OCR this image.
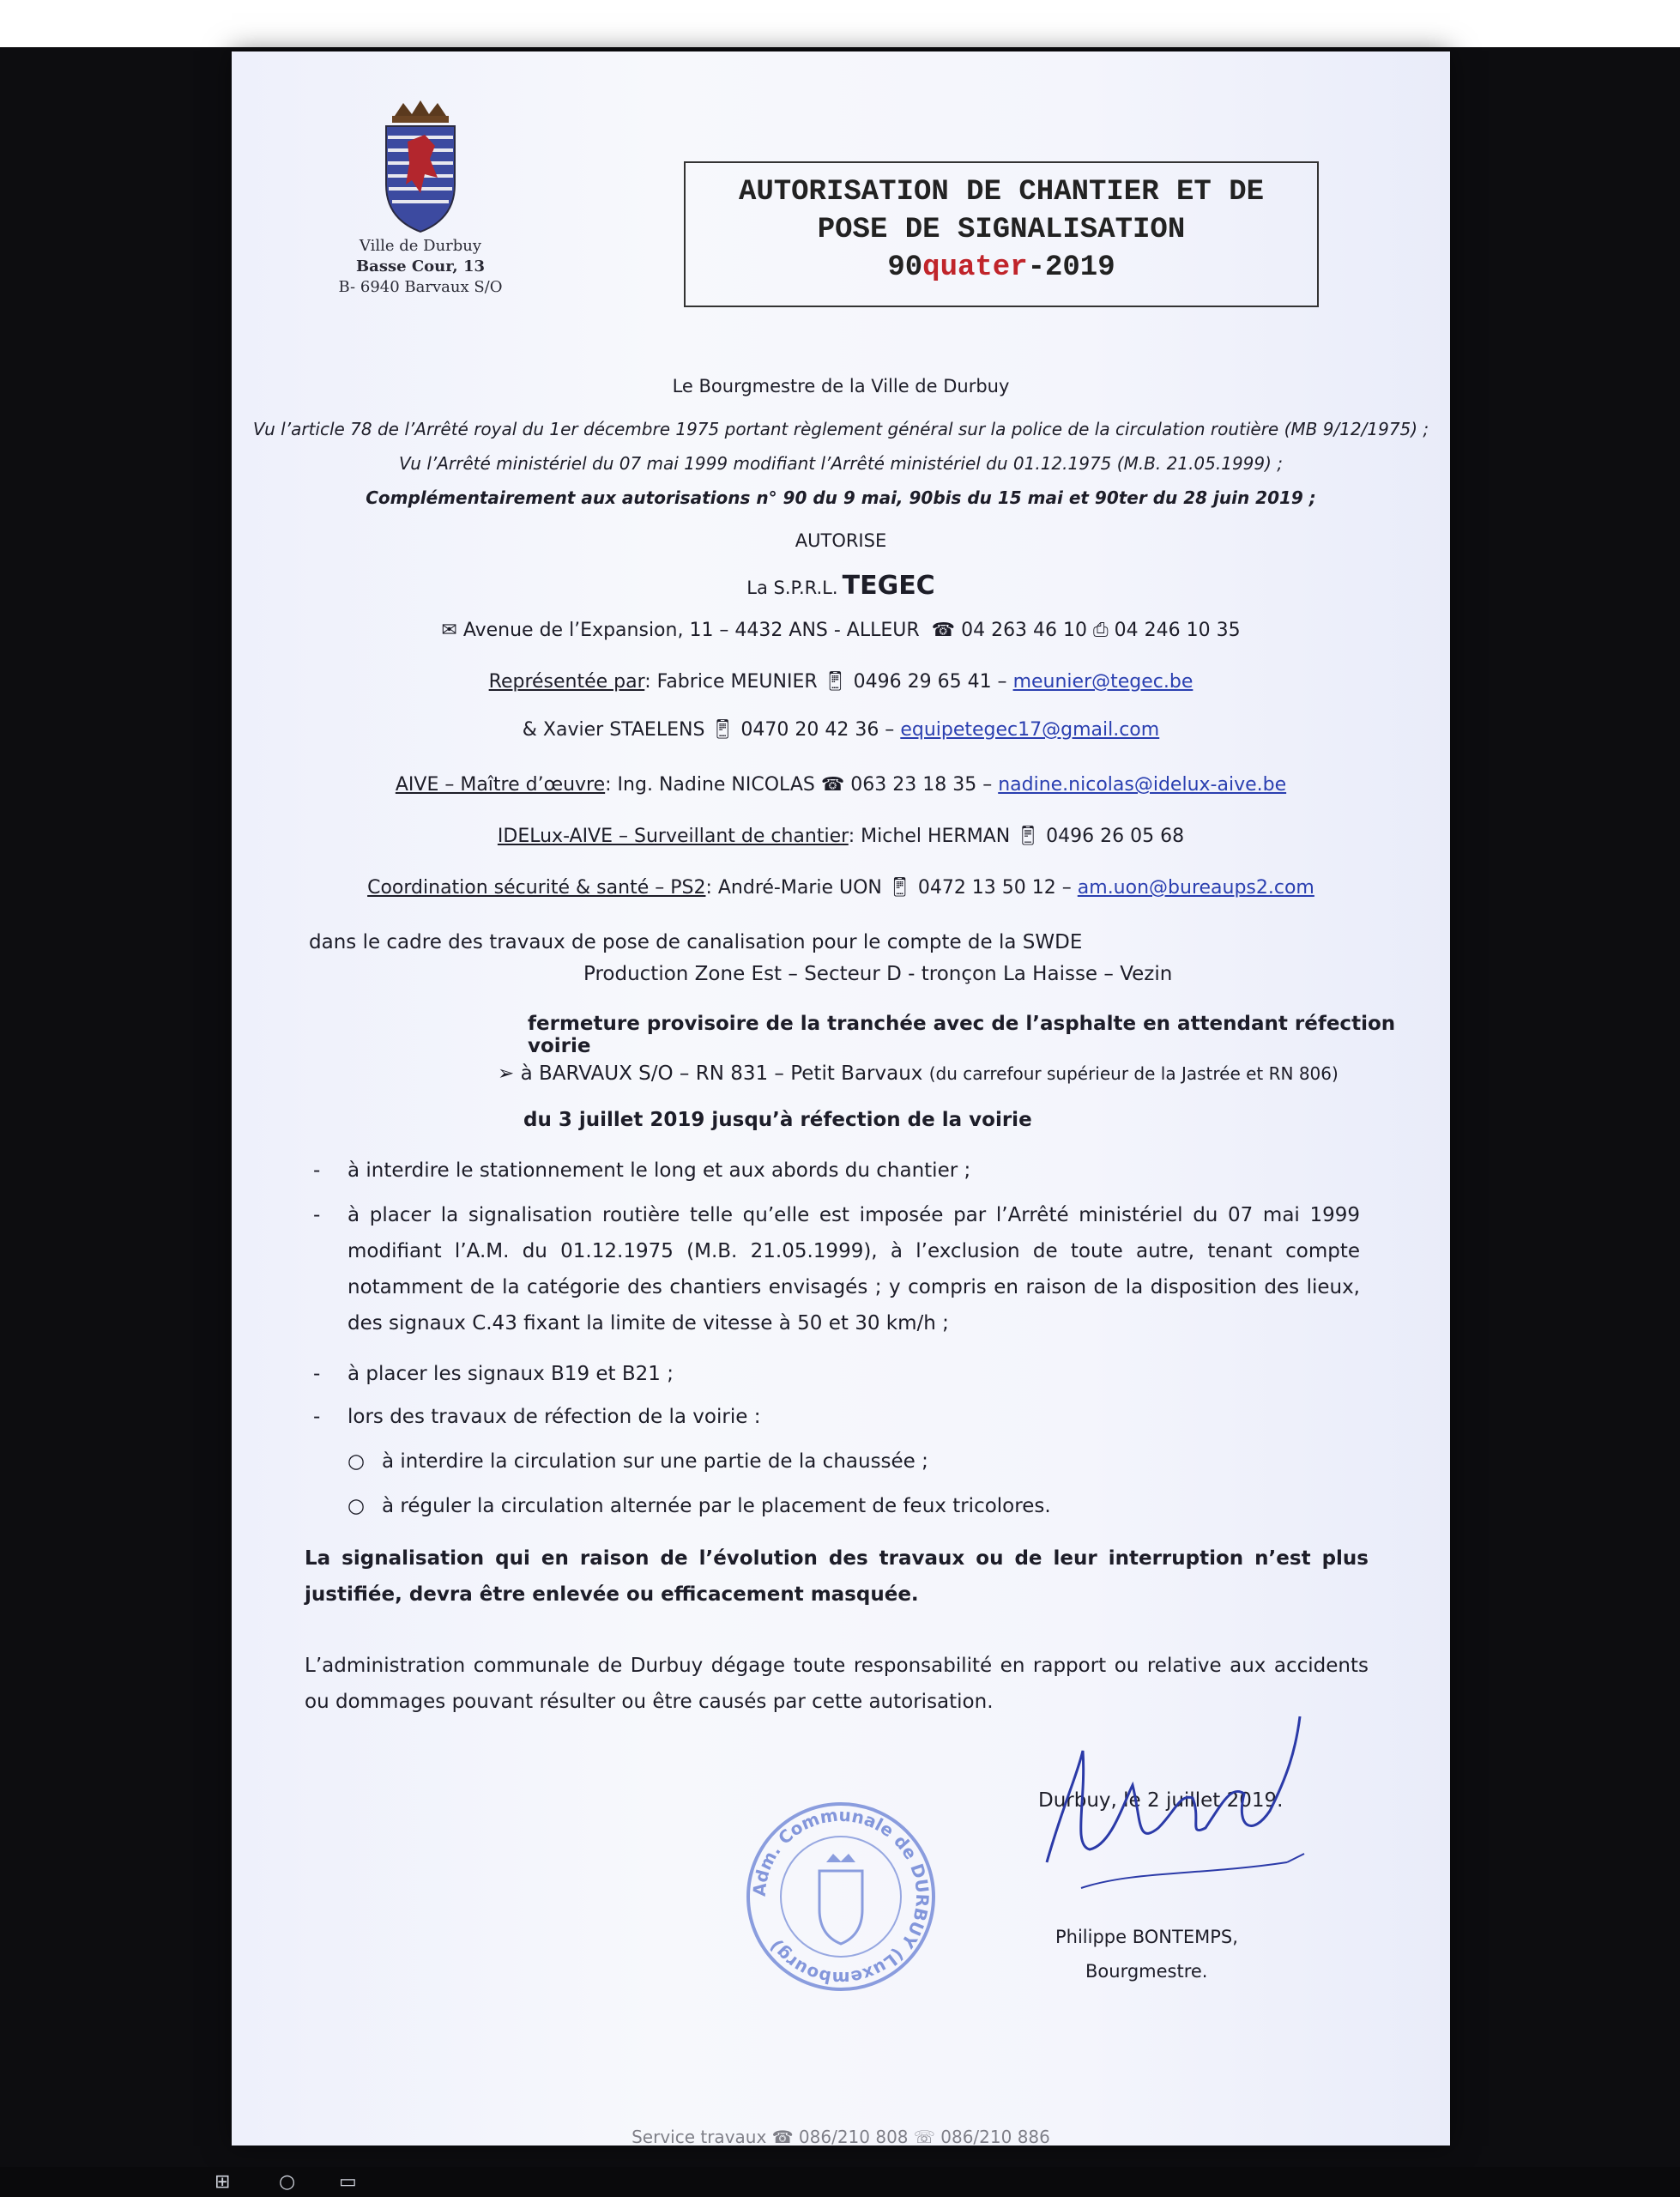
Ville de Durbuy
Basse Cour, 13
B- 6940 Barvaux S/O
AUTORISATION DE CHANTIER ET DE
POSE DE SIGNALISATION
90quater-2019
Le Bourgmestre de la Ville de Durbuy
Vu l’article 78 de l’Arrêté royal du 1er décembre 1975 portant règlement général sur la police de la circulation routière (MB 9/12/1975) ;
Vu l’Arrêté ministériel du 07 mai 1999 modifiant l’Arrêté ministériel du 01.12.1975 (M.B. 21.05.1999) ;
Complémentairement aux autorisations n° 90 du 9 mai, 90bis du 15 mai et 90ter du 28 juin 2019 ;
AUTORISE
La S.P.R.L. TEGEC
✉ Avenue de l’Expansion, 11 – 4432 ANS - ALLEUR ☎ 04 263 46 10 ⎙ 04 246 10 35
Représentée par: Fabrice MEUNIER 📱︎ 0496 29 65 41 – meunier@tegec.be
& Xavier STAELENS 📱︎ 0470 20 42 36 – equipetegec17@gmail.com
AIVE – Maître d’œuvre: Ing. Nadine NICOLAS ☎ 063 23 18 35 – nadine.nicolas@idelux-aive.be
IDELux-AIVE – Surveillant de chantier: Michel HERMAN 📱︎ 0496 26 05 68
Coordination sécurité & santé – PS2: André-Marie UON 📱︎ 0472 13 50 12 – am.uon@bureaups2.com
dans le cadre des travaux de pose de canalisation pour le compte de la SWDE
Production Zone Est – Secteur D - tronçon La Haisse – Vezin
fermeture provisoire de la tranchée avec de l’asphalte en attendant réfection voirie
➢ à BARVAUX S/O – RN 831 – Petit Barvaux (du carrefour supérieur de la Jastrée et RN 806)
du 3 juillet 2019 jusqu’à réfection de la voirie
- à interdire le stationnement le long et aux abords du chantier ;
- à placer la signalisation routière telle qu’elle est imposée par l’Arrêté ministériel du 07 mai 1999 modifiant l’A.M. du 01.12.1975 (M.B. 21.05.1999), à l’exclusion de toute autre, tenant compte notamment de la catégorie des chantiers envisagés ; y compris en raison de la disposition des lieux, des signaux C.43 fixant la limite de vitesse à 50 et 30 km/h ;
- à placer les signaux B19 et B21 ;
- lors des travaux de réfection de la voirie :
○ à interdire la circulation sur une partie de la chaussée ;
○ à réguler la circulation alternée par le placement de feux tricolores.
La signalisation qui en raison de l’évolution des travaux ou de leur interruption n’est plus justifiée, devra être enlevée ou efficacement masquée.
L’administration communale de Durbuy dégage toute responsabilité en rapport ou relative aux accidents ou dommages pouvant résulter ou être causés par cette autorisation.
Durbuy, le 2 juillet 2019.
Philippe BONTEMPS,
Bourgmestre.
Adm. Communale de DURBUY (Luxembourg)
Service travaux ☎ 086/210 808 ☏ 086/210 886
⊞	○ ▭
